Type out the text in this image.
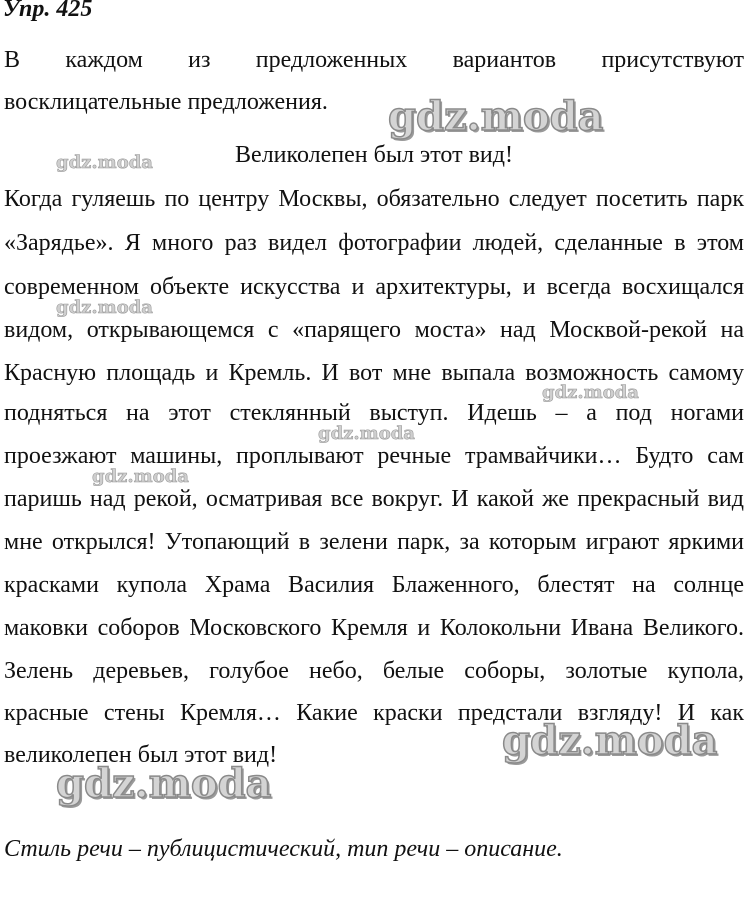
Упр. 425
В каждом из предложенных вариантов присутствуют
восклицательные предложения.
Великолепен был этот вид!
Когда гуляешь по центру Москвы, обязательно следует посетить парк
«Зарядье». Я много раз видел фотографии людей, сделанные в этом
современном объекте искусства и архитектуры, и всегда восхищался
видом, открывающемся с «парящего моста» над Москвой-рекой на
Красную площадь и Кремль. И вот мне выпала возможность самому
подняться на этот стеклянный выступ. Идешь – а под ногами
проезжают машины, проплывают речные трамвайчики… Будто сам
паришь над рекой, осматривая все вокруг. И какой же прекрасный вид
мне открылся! Утопающий в зелени парк, за которым играют яркими
красками купола Храма Василия Блаженного, блестят на солнце
маковки соборов Московского Кремля и Колокольни Ивана Великого.
Зелень деревьев, голубое небо, белые соборы, золотые купола,
красные стены Кремля… Какие краски предстали взгляду! И как
великолепен был этот вид!
Стиль речи – публицистический, тип речи – описание.
gdz.moda
gdz.moda
gdz.moda
gdz.moda
gdz.moda
gdz.moda
gdz.moda
gdz.moda
